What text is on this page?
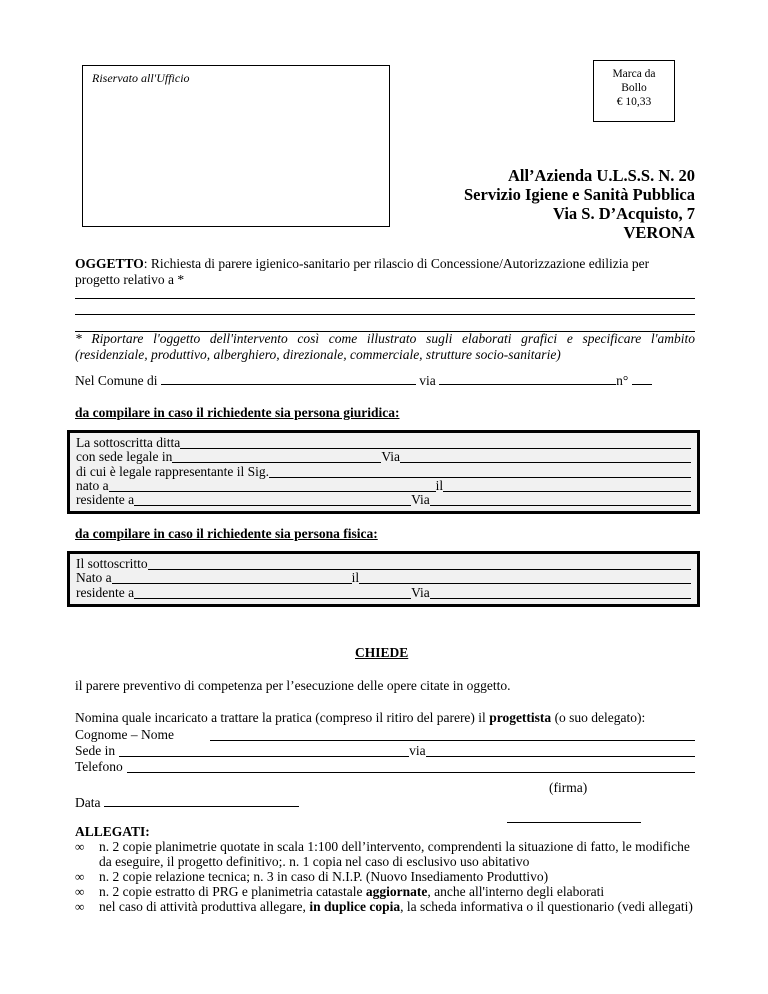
Riservato all'Ufficio	Marca da
Bollo
€ 10,33
All’Azienda U.L.S.S. N. 20
Servizio Igiene e Sanità Pubblica
Via S. D’Acquisto, 7
VERONA
OGGETTO: Richiesta di parere igienico-sanitario per rilascio di Concessione/Autorizzazione edilizia per
progetto relativo a *
* Riportare l'oggetto dell'intervento così come illustrato sugli elaborati grafici e specificare l'ambito (residenziale, produttivo, alberghiero, direzionale, commerciale, strutture socio-sanitarie)
Nel Comune di	via	n°
da compilare in caso il richiedente sia persona giuridica:
La sottoscritta ditta
con sede legale in	Via
di cui è legale rappresentante il Sig.
nato a	il
residente a	Via
da compilare in caso il richiedente sia persona fisica:
Il sottoscritto
Nato a	il
residente a	Via
CHIEDE
il parere preventivo di competenza per l’esecuzione delle opere citate in oggetto.
Nomina quale incaricato a trattare la pratica (compreso il ritiro del parere) il progettista (o suo delegato):
Cognome – Nome
Sede in	via
Telefono
(firma)
Data
ALLEGATI:
∞ n. 2 copie planimetrie quotate in scala 1:100 dell’intervento, comprendenti la situazione di fatto, le modifiche da eseguire, il progetto definitivo;. n. 1 copia nel caso di esclusivo uso abitativo
∞ n. 2 copie relazione tecnica; n. 3 in caso di N.I.P. (Nuovo Insediamento Produttivo)
∞ n. 2 copie estratto di PRG e planimetria catastale aggiornate, anche all'interno degli elaborati
∞ nel caso di attività produttiva allegare, in duplice copia, la scheda informativa o il questionario (vedi allegati)
